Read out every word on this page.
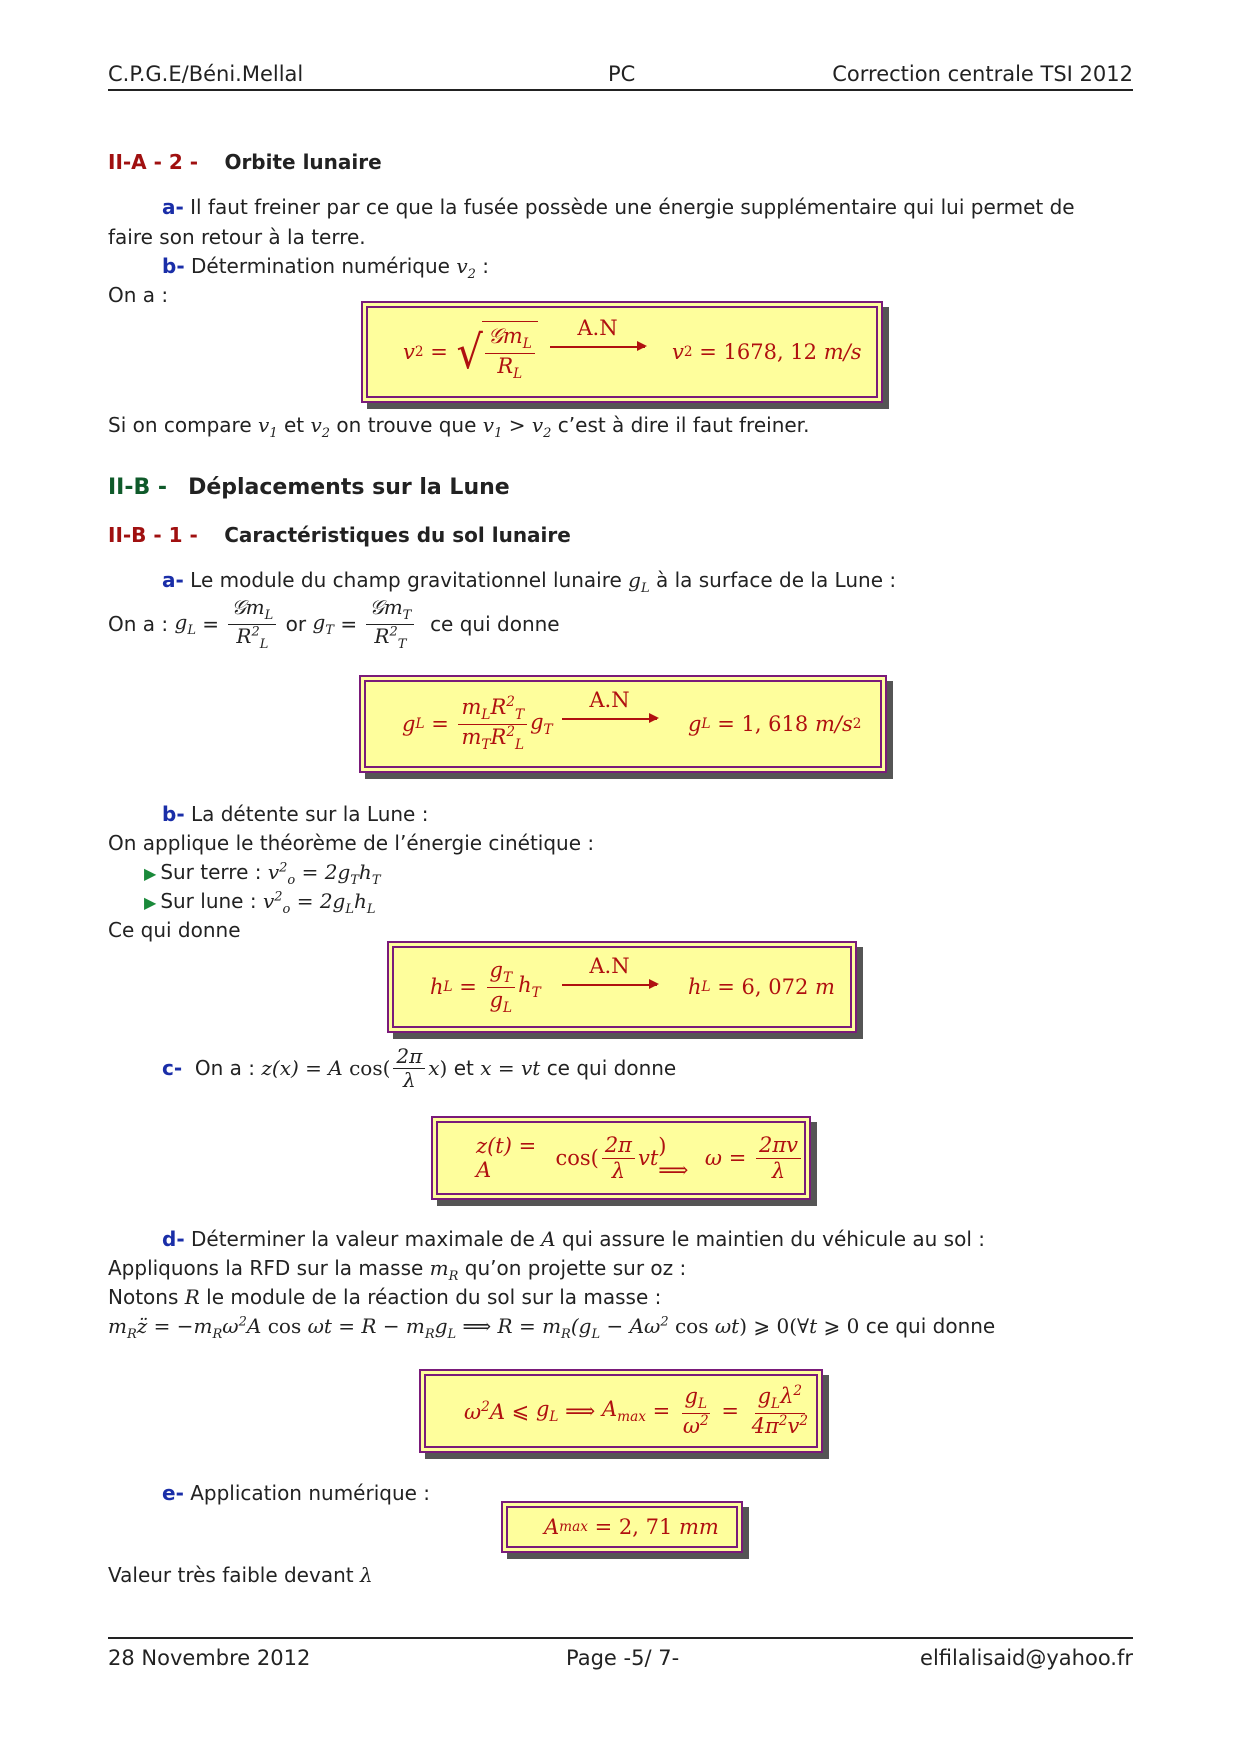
C.P.G.E/Béni.Mellal	PC	Correction centrale TSI 2012
II-A - 2 - Orbite lunaire
a- Il faut freiner par ce que la fusée possède une énergie supplémentaire qui lui permet de
faire son retour à la terre.
b- Détermination numérique $v_2$ :
On a :
v 2 = √ $\frac{𝒢m_L}{R_L} A.N$
v 2 = 1678, 12
m/s
Si on compare $v_1$ et $v_2$ on trouve que $v_1 > v_2$ c’est à dire il faut freiner.
II-B - Déplacements sur la Lune
II-B - 1 - Caractéristiques du sol lunaire
a- Le module du champ gravitationnel lunaire $g_L$ à la surface de la Lune :
On a :
$g_L = \frac{𝒢m_L}{R^2_L}$
or
$g_T = \frac{𝒢m_T}{R^2_T}$
ce qui donne
g $L = \frac{m_LR^2_T}{m_TR^2_L} g_T$
A.N
g L = 1, 618
m/s 2
b- La détente sur la Lune :
On applique le théorème de l’énergie cinétique :
▶ Sur terre : $v^2_o = 2g_Th_T$
▶ Sur lune : $v^2_o = 2g_Lh_L$
Ce qui donne
h $L = \frac{g_T}{g_L} h_T$
A.N
h L = 6, 072
m
c-
On a :
z(x) = A
$\cos( \frac{2\pi}{\lambda}$ x )
et
x = vt
ce qui donne
z(t) = A
	$\cos( \frac{2\pi}{\lambda}$ vt ) ⟹
$\omega = \frac{2\pi v}{\lambda}$
d- Déterminer la valeur maximale de A qui assure le maintien du véhicule au sol :
Appliquons la RFD sur la masse $m_R$ qu’on projette sur oz :
Notons R le module de la réaction du sol sur la masse :
$m_Rz̈ = -m_R\omega^2A$ $\cos \omega t = R - m_Rg_L$ ⟹ $R = m_R(g_L - A\omega^2$ cos ωt) ⩾ 0(∀t ⩾ 0 ce qui donne
$\omega^2A$
⩽
$g_L$
⟹
$A_{max} = \frac{g_L}{\omega^2} = \frac{g_L\lambda^2}{4\pi^2v^2}$
e- Application numérique :
A max = 2, 71
mm
Valeur très faible devant λ
28 Novembre 2012	Page -5/ 7-	elfilalisaid@yahoo.fr
